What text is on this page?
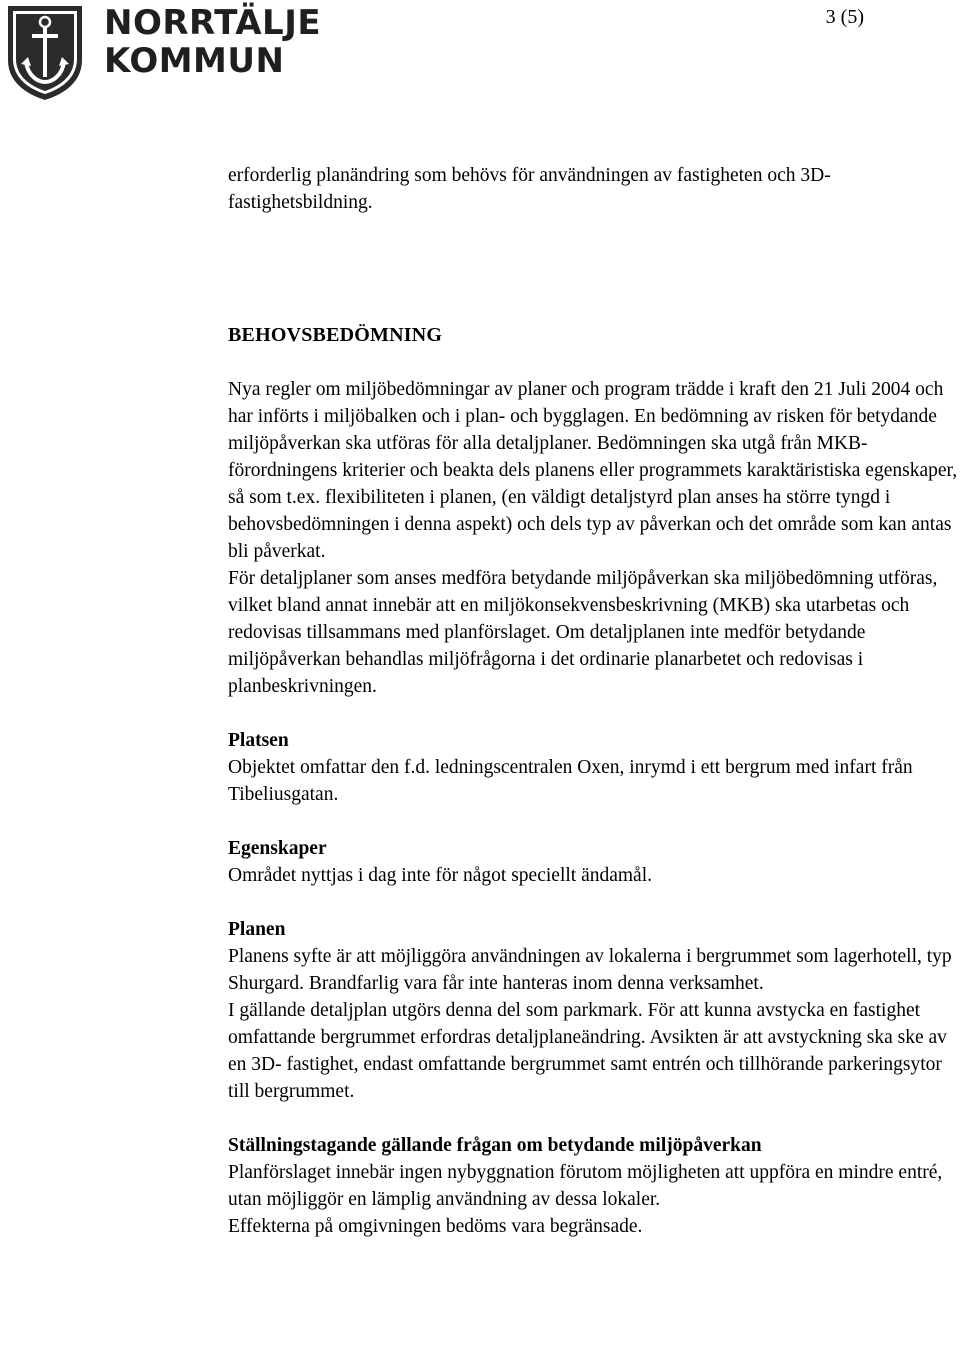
NORRTÄLJE
KOMMUN
3 (5)

erforderlig planändring som behövs för användningen av fastigheten och 3D-fastighetsbildning.

BEHOVSBEDÖMNING

Nya regler om miljöbedömningar av planer och program trädde i kraft den 21 Juli 2004 och har införts i miljöbalken och i plan- och bygglagen. En bedömning av risken för betydande miljöpåverkan ska utföras för alla detaljplaner. Bedömningen ska utgå från MKB- förordningens kriterier och beakta dels planens eller programmets karaktäristiska egenskaper, så som t.ex. flexibiliteten i planen, (en väldigt detaljstyrd plan anses ha större tyngd i behovsbedömningen i denna aspekt) och dels typ av påverkan och det område som kan antas bli påverkat.

För detaljplaner som anses medföra betydande miljöpåverkan ska miljöbedömning utföras, vilket bland annat innebär att en miljökonsekvensbeskrivning (MKB) ska utarbetas och redovisas tillsammans med planförslaget. Om detaljplanen inte medför betydande miljöpåverkan behandlas miljöfrågorna i det ordinarie planarbetet och redovisas i planbeskrivningen.

Platsen

Objektet omfattar den f.d. ledningscentralen Oxen, inrymd i ett bergrum med infart från Tibeliusgatan.

Egenskaper

Området nyttjas i dag inte för något speciellt ändamål.

Planen

Planens syfte är att möjliggöra användningen av lokalerna i bergrummet som lagerhotell, typ Shurgard. Brandfarlig vara får inte hanteras inom denna verksamhet.

I gällande detaljplan utgörs denna del som parkmark. För att kunna avstycka en fastighet omfattande bergrummet erfordras detaljplaneändring. Avsikten är att avstyckning ska ske av en 3D- fastighet, endast omfattande bergrummet samt entrén och tillhörande parkeringsytor till bergrummet.

Ställningstagande gällande frågan om betydande miljöpåverkan

Planförslaget innebär ingen nybyggnation förutom möjligheten att uppföra en mindre entré, utan möjliggör en lämplig användning av dessa lokaler.

Effekterna på omgivningen bedöms vara begränsade.
